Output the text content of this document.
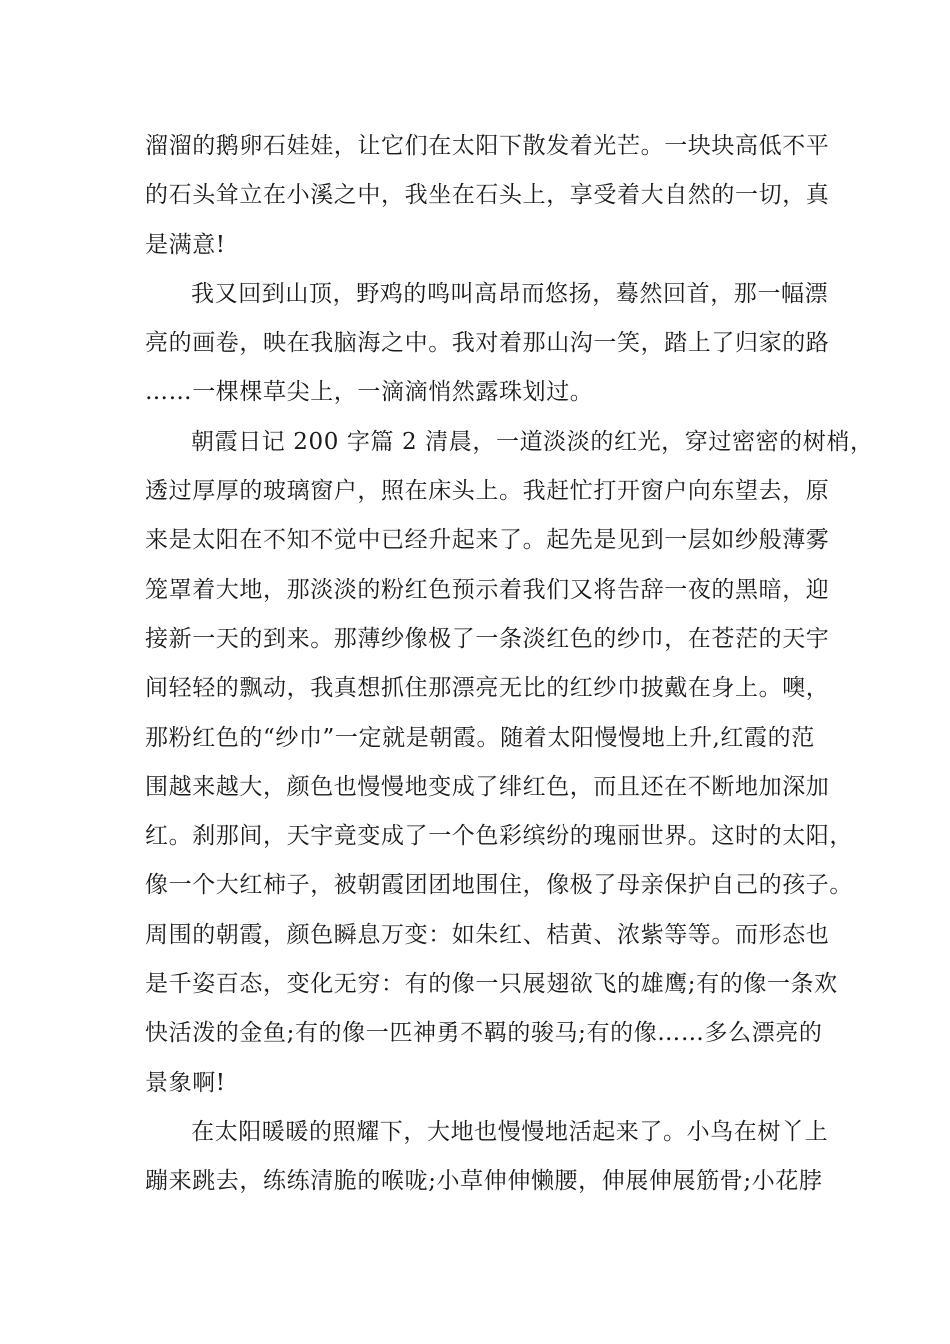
溜溜的鹅卵石娃娃，让它们在太阳下散发着光芒。一块块高低不平
的石头耸立在小溪之中，我坐在石头上，享受着大自然的一切，真
是满意!

我又回到山顶，野鸡的鸣叫高昂而悠扬，蓦然回首，那一幅漂
亮的画卷，映在我脑海之中。我对着那山沟一笑，踏上了归家的路
……一棵棵草尖上，一滴滴悄然露珠划过。

朝霞日记 200 字篇 2 清晨，一道淡淡的红光，穿过密密的树梢，
透过厚厚的玻璃窗户，照在床头上。我赶忙打开窗户向东望去，原
来是太阳在不知不觉中已经升起来了。起先是见到一层如纱般薄雾
笼罩着大地，那淡淡的粉红色预示着我们又将告辞一夜的黑暗，迎
接新一天的到来。那薄纱像极了一条淡红色的纱巾，在苍茫的天宇
间轻轻的飘动，我真想抓住那漂亮无比的红纱巾披戴在身上。噢，
那粉红色的“纱巾”一定就是朝霞。随着太阳慢慢地上升,红霞的范
围越来越大，颜色也慢慢地变成了绯红色，而且还在不断地加深加
红。刹那间，天宇竟变成了一个色彩缤纷的瑰丽世界。这时的太阳，
像一个大红柿子，被朝霞团团地围住，像极了母亲保护自己的孩子。
周围的朝霞，颜色瞬息万变：如朱红、桔黄、浓紫等等。而形态也
是千姿百态，变化无穷：有的像一只展翅欲飞的雄鹰;有的像一条欢
快活泼的金鱼;有的像一匹神勇不羁的骏马;有的像……多么漂亮的
景象啊!

在太阳暖暖的照耀下，大地也慢慢地活起来了。小鸟在树丫上
蹦来跳去，练练清脆的喉咙;小草伸伸懒腰，伸展伸展筋骨;小花脖
